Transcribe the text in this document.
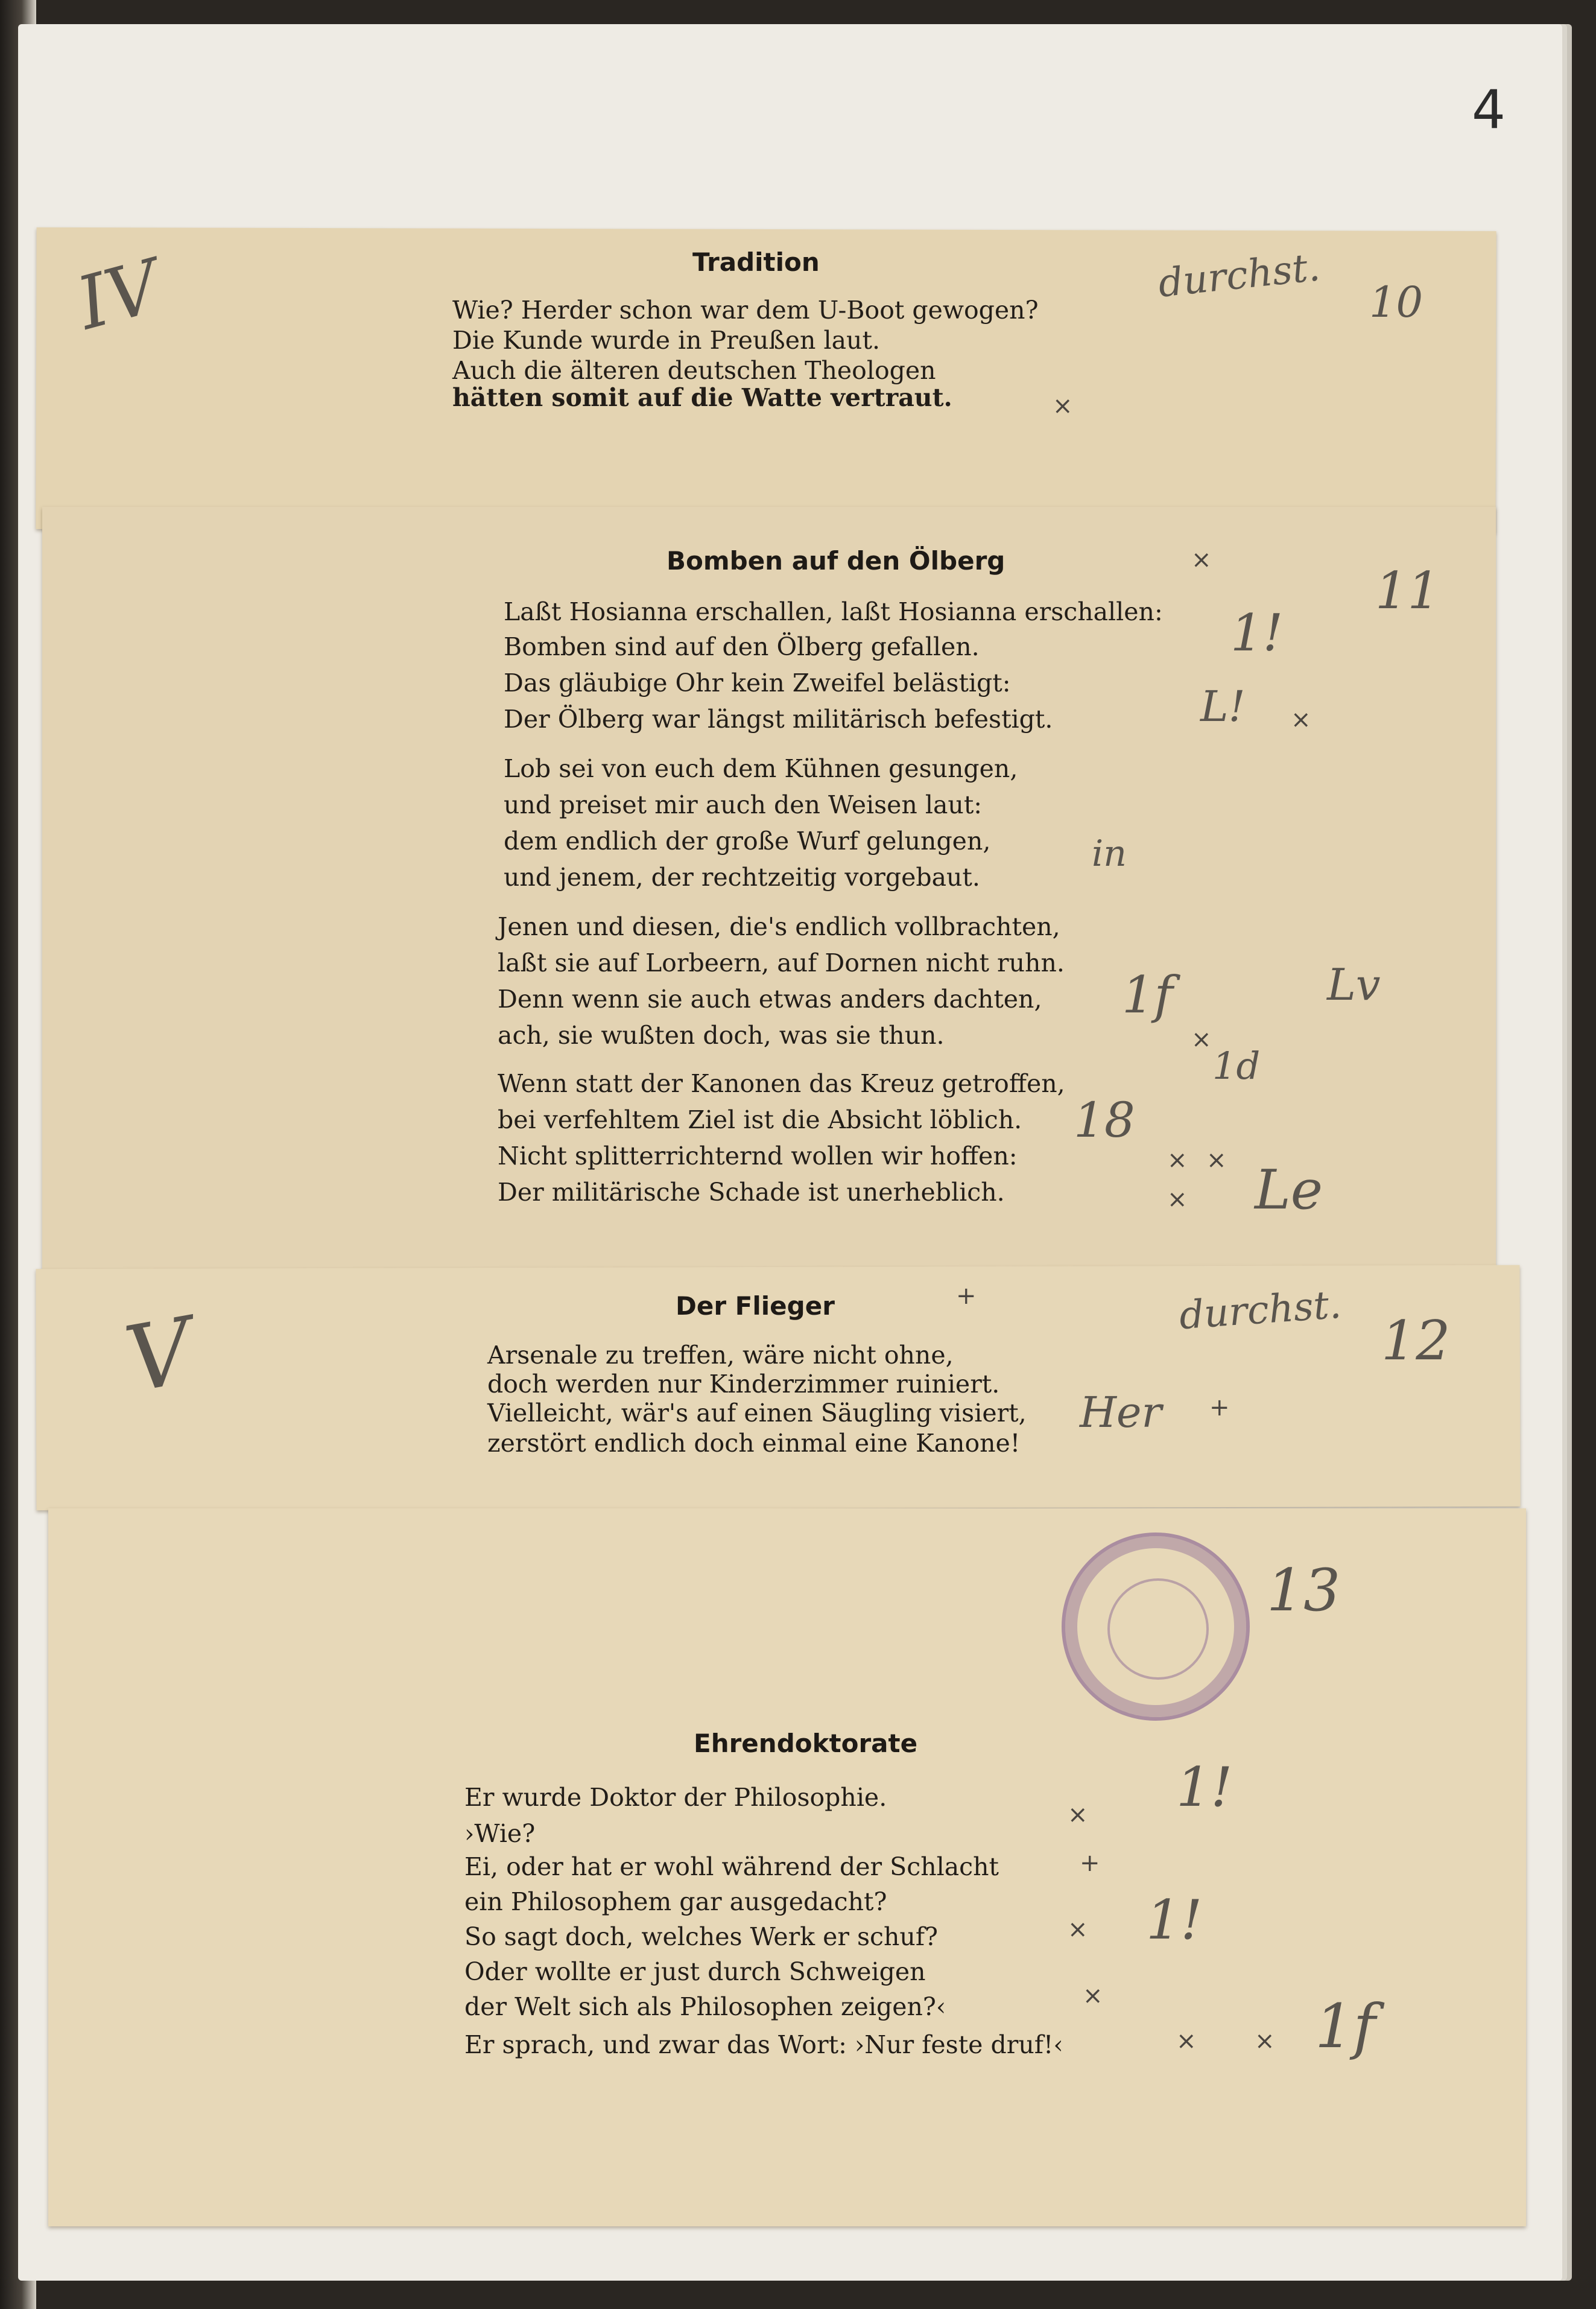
4
Tradition
Wie? Herder schon war dem U-Boot gewogen?
Die Kunde wurde in Preußen laut.
Auch die älteren deutschen Theologen
hätten somit auf die Watte vertraut.
IV	durchst. 10
×
Bomben auf den Ölberg
Laßt Hosianna erschallen, laßt Hosianna erschallen:
Bomben sind auf den Ölberg gefallen.
Das gläubige Ohr kein Zweifel belästigt:
Der Ölberg war längst militärisch befestigt.
Lob sei von euch dem Kühnen gesungen,
und preiset mir auch den Weisen laut:
dem endlich der große Wurf gelungen,
und jenem, der rechtzeitig vorgebaut.
Jenen und diesen, die's endlich vollbrachten,
laßt sie auf Lorbeern, auf Dornen nicht ruhn.
Denn wenn sie auch etwas anders dachten,
ach, sie wußten doch, was sie thun.
Wenn statt der Kanonen das Kreuz getroffen,
bei verfehltem Ziel ist die Absicht löblich.
Nicht splitterrichternd wollen wir hoffen:
Der militärische Schade ist unerheblich.
11
1!
L!
in
1f
1d
Lv
18
Le
×
×
×
× ×
×
Der Flieger
Arsenale zu treffen, wäre nicht ohne,
doch werden nur Kinderzimmer ruiniert.
Vielleicht, wär's auf einen Säugling visiert,
zerstört endlich doch einmal eine Kanone!
V	durchst. 12
Her
+
+
Ehrendoktorate
Er wurde Doktor der Philosophie.
›Wie?
Ei, oder hat er wohl während der Schlacht
ein Philosophem gar ausgedacht?
So sagt doch, welches Werk er schuf?
Oder wollte er just durch Schweigen
der Welt sich als Philosophen zeigen?‹
Er sprach, und zwar das Wort: ›Nur feste druf!‹
13
1!
1!
1f
×
+
×
×
× ×
